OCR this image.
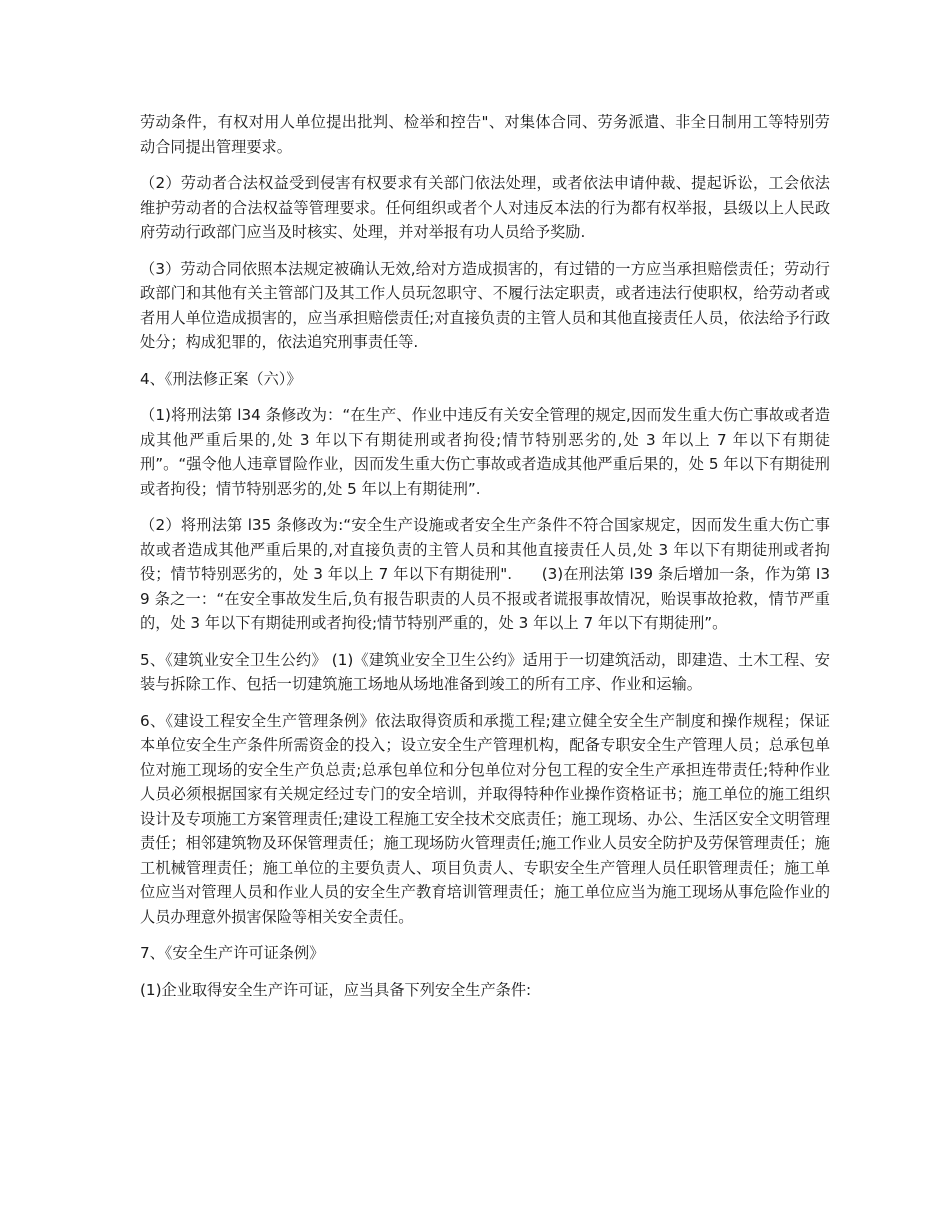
劳动条件，有权对用人单位提出批判、检举和控告"、对集体合同、劳务派遣、非全日制用工等特别劳动合同提出管理要求。

（2）劳动者合法权益受到侵害有权要求有关部门依法处理，或者依法申请仲裁、提起诉讼，工会依法维护劳动者的合法权益等管理要求。任何组织或者个人对违反本法的行为都有权举报，县级以上人民政府劳动行政部门应当及时核实、处理，并对举报有功人员给予奖励.

（3）劳动合同依照本法规定被确认无效,给对方造成损害的，有过错的一方应当承担赔偿责任；劳动行政部门和其他有关主管部门及其工作人员玩忽职守、不履行法定职责，或者违法行使职权，给劳动者或者用人单位造成损害的，应当承担赔偿责任;对直接负责的主管人员和其他直接责任人员，依法给予行政处分；构成犯罪的，依法追究刑事责任等.

4、《刑法修正案（六）》

（1)将刑法第 l34 条修改为：“在生产、作业中违反有关安全管理的规定,因而发生重大伤亡事故或者造成其他严重后果的,处 3 年以下有期徒刑或者拘役;情节特别恶劣的,处 3 年以上 7 年以下有期徒刑”。“强令他人违章冒险作业，因而发生重大伤亡事故或者造成其他严重后果的，处 5 年以下有期徒刑或者拘役；情节特别恶劣的,处 5 年以上有期徒刑”.

（2）将刑法第 l35 条修改为:“安全生产设施或者安全生产条件不符合国家规定，因而发生重大伤亡事故或者造成其他严重后果的,对直接负责的主管人员和其他直接责任人员,处 3 年以下有期徒刑或者拘役；情节特别恶劣的，处 3 年以上 7 年以下有期徒刑".      (3)在刑法第 l39 条后增加一条，作为第 I39 条之一：“在安全事故发生后,负有报告职责的人员不报或者谎报事故情况，贻误事故抢救，情节严重的，处 3 年以下有期徒刑或者拘役;情节特别严重的，处 3 年以上 7 年以下有期徒刑”。

5、《建筑业安全卫生公约》 (1)《建筑业安全卫生公约》适用于一切建筑活动，即建造、土木工程、安装与拆除工作、包括一切建筑施工场地从场地准备到竣工的所有工序、作业和运输。

6、《建设工程安全生产管理条例》依法取得资质和承揽工程;建立健全安全生产制度和操作规程；保证本单位安全生产条件所需资金的投入；设立安全生产管理机构，配备专职安全生产管理人员；总承包单位对施工现场的安全生产负总责;总承包单位和分包单位对分包工程的安全生产承担连带责任;特种作业人员必须根据国家有关规定经过专门的安全培训，并取得特种作业操作资格证书；施工单位的施工组织设计及专项施工方案管理责任;建设工程施工安全技术交底责任；施工现场、办公、生活区安全文明管理责任；相邻建筑物及环保管理责任；施工现场防火管理责任;施工作业人员安全防护及劳保管理责任；施工机械管理责任；施工单位的主要负责人、项目负责人、专职安全生产管理人员任职管理责任；施工单位应当对管理人员和作业人员的安全生产教育培训管理责任；施工单位应当为施工现场从事危险作业的人员办理意外损害保险等相关安全责任。

7、《安全生产许可证条例》

(1)企业取得安全生产许可证，应当具备下列安全生产条件:
